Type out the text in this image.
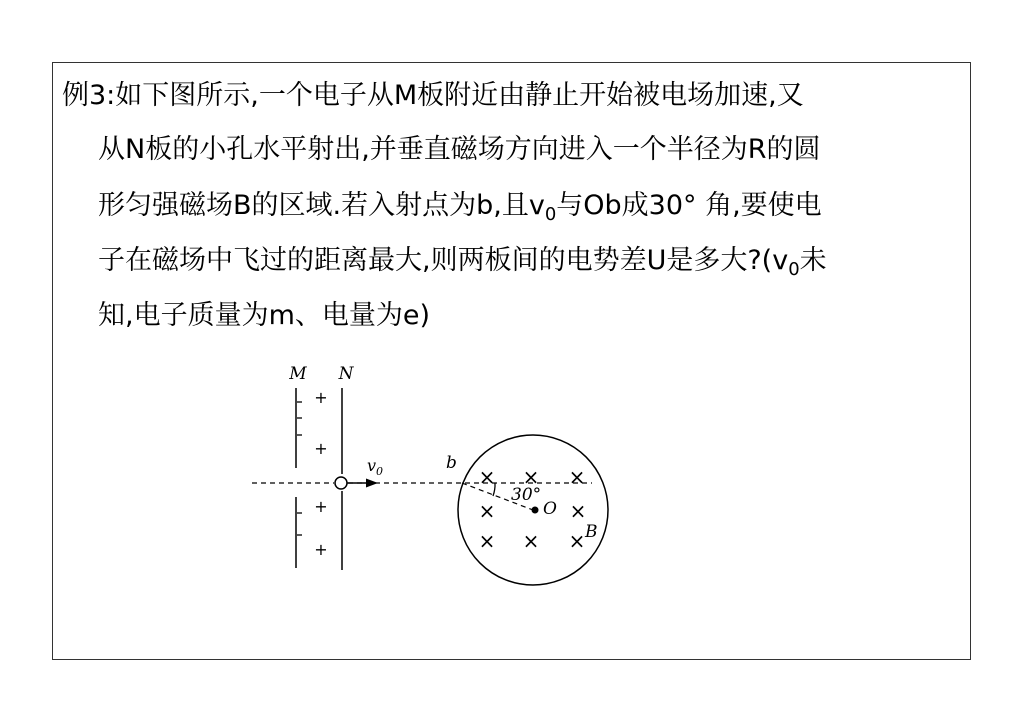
例3:如下图所示,一个电子从M板附近由静止开始被电场加速,又
从N板的小孔水平射出,并垂直磁场方向进入一个半径为R的圆
形匀强磁场B的区域.若入射点为b,且$v_0$与Ob成30° 角,要使电
子在磁场中飞过的距离最大,则两板间的电势差U是多大$?(v_0$未
知,电子质量为m、电量为e)
+
+
+
+
M N
$v_0$	b
30°
O
B
× × ×
×	×
× × ×
